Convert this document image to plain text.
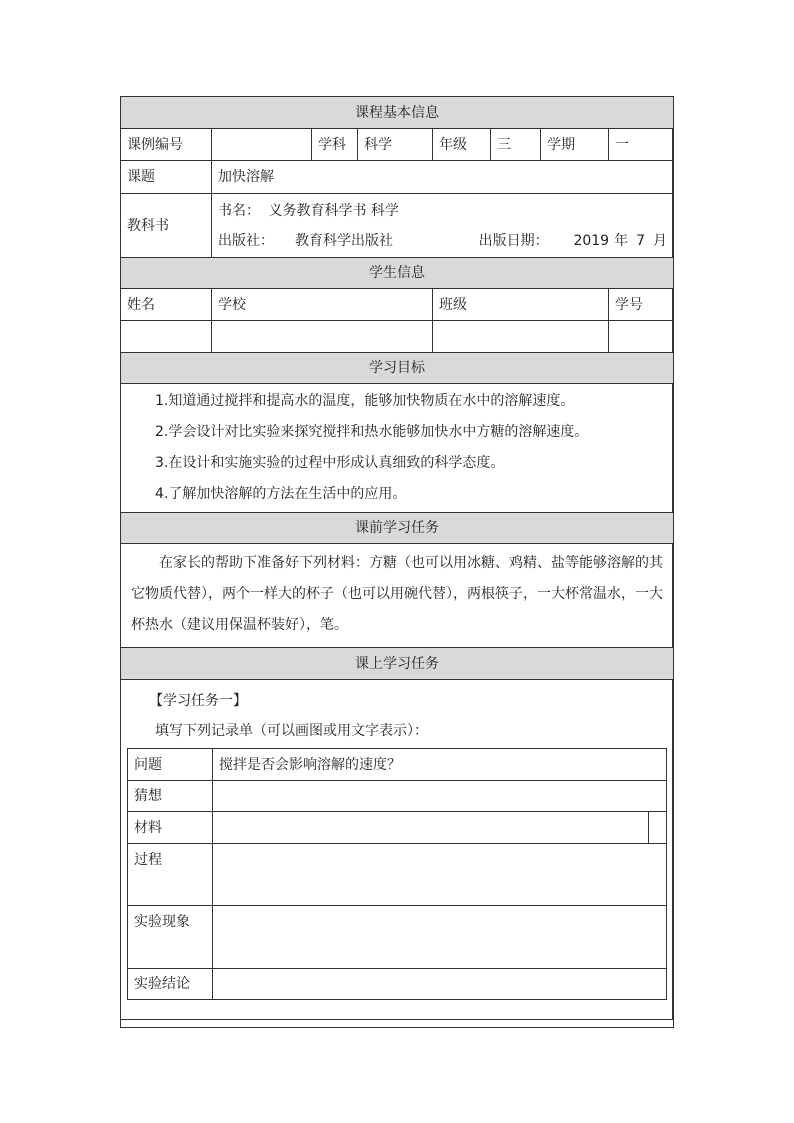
课程基本信息
课例编号		学科	科学	年级	三	学期	一
课题	加快溶解
教科书	
书名： 义务教育科学书 科学
出版社：	教育科学出版社	出版日期：	2019 年 7 月

学生信息
姓名	学校	班级	学号

学习目标

1.知道通过搅拌和提高水的温度，能够加快物质在水中的溶解速度。

2.学会设计对比实验来探究搅拌和热水能够加快水中方糖的溶解速度。

3.在设计和实施实验的过程中形成认真细致的科学态度。

4.了解加快溶解的方法在生活中的应用。

课前学习任务

在家长的帮助下准备好下列材料：方糖（也可以用冰糖、鸡精、盐等能够溶解的其它物质代替），两个一样大的杯子（也可以用碗代替），两根筷子，一大杯常温水，一大杯热水（建议用保温杯装好），笔。

课上学习任务

【学习任务一】

填写下列记录单（可以画图或用文字表示）：

问题	搅拌是否会影响溶解的速度？
猜想	
材料		
过程	
实验现象	
实验结论	
